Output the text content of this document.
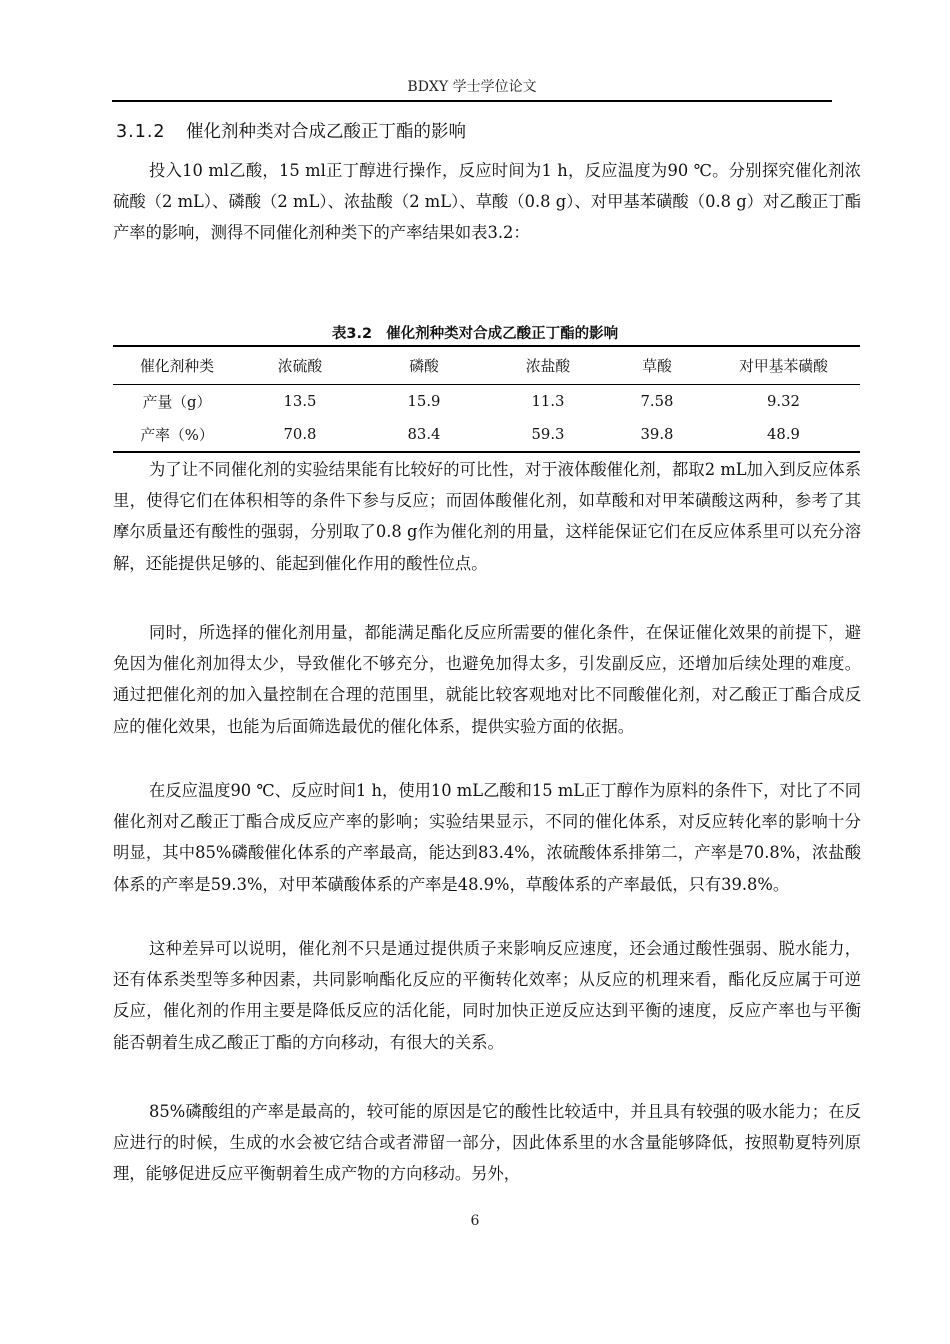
BDXY 学士学位论文
3.1.2 催化剂种类对合成乙酸正丁酯的影响

投入10 ml乙酸，15 ml正丁醇进行操作，反应时间为1 h，反应温度为90 ℃。分别探究催化剂浓硫酸（2 mL）、磷酸（2 mL）、浓盐酸（2 mL）、草酸（0.8 g）、对甲基苯磺酸（0.8 g）对乙酸正丁酯产率的影响，测得不同催化剂种类下的产率结果如表3.2：

表3.2 催化剂种类对合成乙酸正丁酯的影响
催化剂种类	浓硫酸	磷酸	浓盐酸	草酸	对甲基苯磺酸
产量（g）	13.5	15.9	11.3	7.58	9.32
产率（%）	70.8	83.4	59.3	39.8	48.9

为了让不同催化剂的实验结果能有比较好的可比性，对于液体酸催化剂，都取2 mL加入到反应体系里，使得它们在体积相等的条件下参与反应；而固体酸催化剂，如草酸和对甲苯磺酸这两种，参考了其摩尔质量还有酸性的强弱，分别取了0.8 g作为催化剂的用量，这样能保证它们在反应体系里可以充分溶解，还能提供足够的、能起到催化作用的酸性位点。

同时，所选择的催化剂用量，都能满足酯化反应所需要的催化条件，在保证催化效果的前提下，避免因为催化剂加得太少，导致催化不够充分，也避免加得太多，引发副反应，还增加后续处理的难度。通过把催化剂的加入量控制在合理的范围里，就能比较客观地对比不同酸催化剂，对乙酸正丁酯合成反应的催化效果，也能为后面筛选最优的催化体系，提供实验方面的依据。

在反应温度90 ℃、反应时间1 h，使用10 mL乙酸和15 mL正丁醇作为原料的条件下，对比了不同催化剂对乙酸正丁酯合成反应产率的影响；实验结果显示，不同的催化体系，对反应转化率的影响十分明显，其中85%磷酸催化体系的产率最高，能达到83.4%，浓硫酸体系排第二，产率是70.8%，浓盐酸体系的产率是59.3%，对甲苯磺酸体系的产率是48.9%，草酸体系的产率最低，只有39.8%。

这种差异可以说明，催化剂不只是通过提供质子来影响反应速度，还会通过酸性强弱、脱水能力，还有体系类型等多种因素，共同影响酯化反应的平衡转化效率；从反应的机理来看，酯化反应属于可逆反应，催化剂的作用主要是降低反应的活化能，同时加快正逆反应达到平衡的速度，反应产率也与平衡能否朝着生成乙酸正丁酯的方向移动，有很大的关系。

85%磷酸组的产率是最高的，较可能的原因是它的酸性比较适中，并且具有较强的吸水能力；在反应进行的时候，生成的水会被它结合或者滞留一部分，因此体系里的水含量能够降低，按照勒夏特列原理，能够促进反应平衡朝着生成产物的方向移动。另外，

6
